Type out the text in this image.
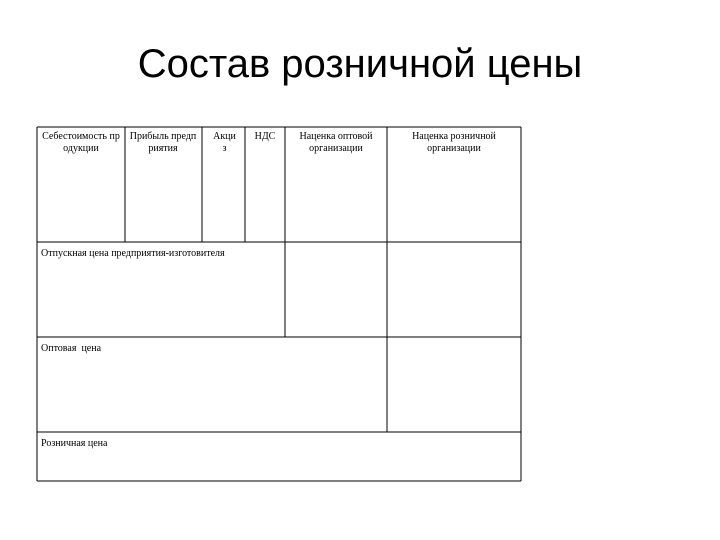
Состав розничной цены
Себестоимость продукции
Прибыль предприятия
Акциз
НДС	Наценка оптовой организации
Наценка розничной организации
Отпускная цена предприятия-изготовителя
Оптовая  цена
Розничная цена
